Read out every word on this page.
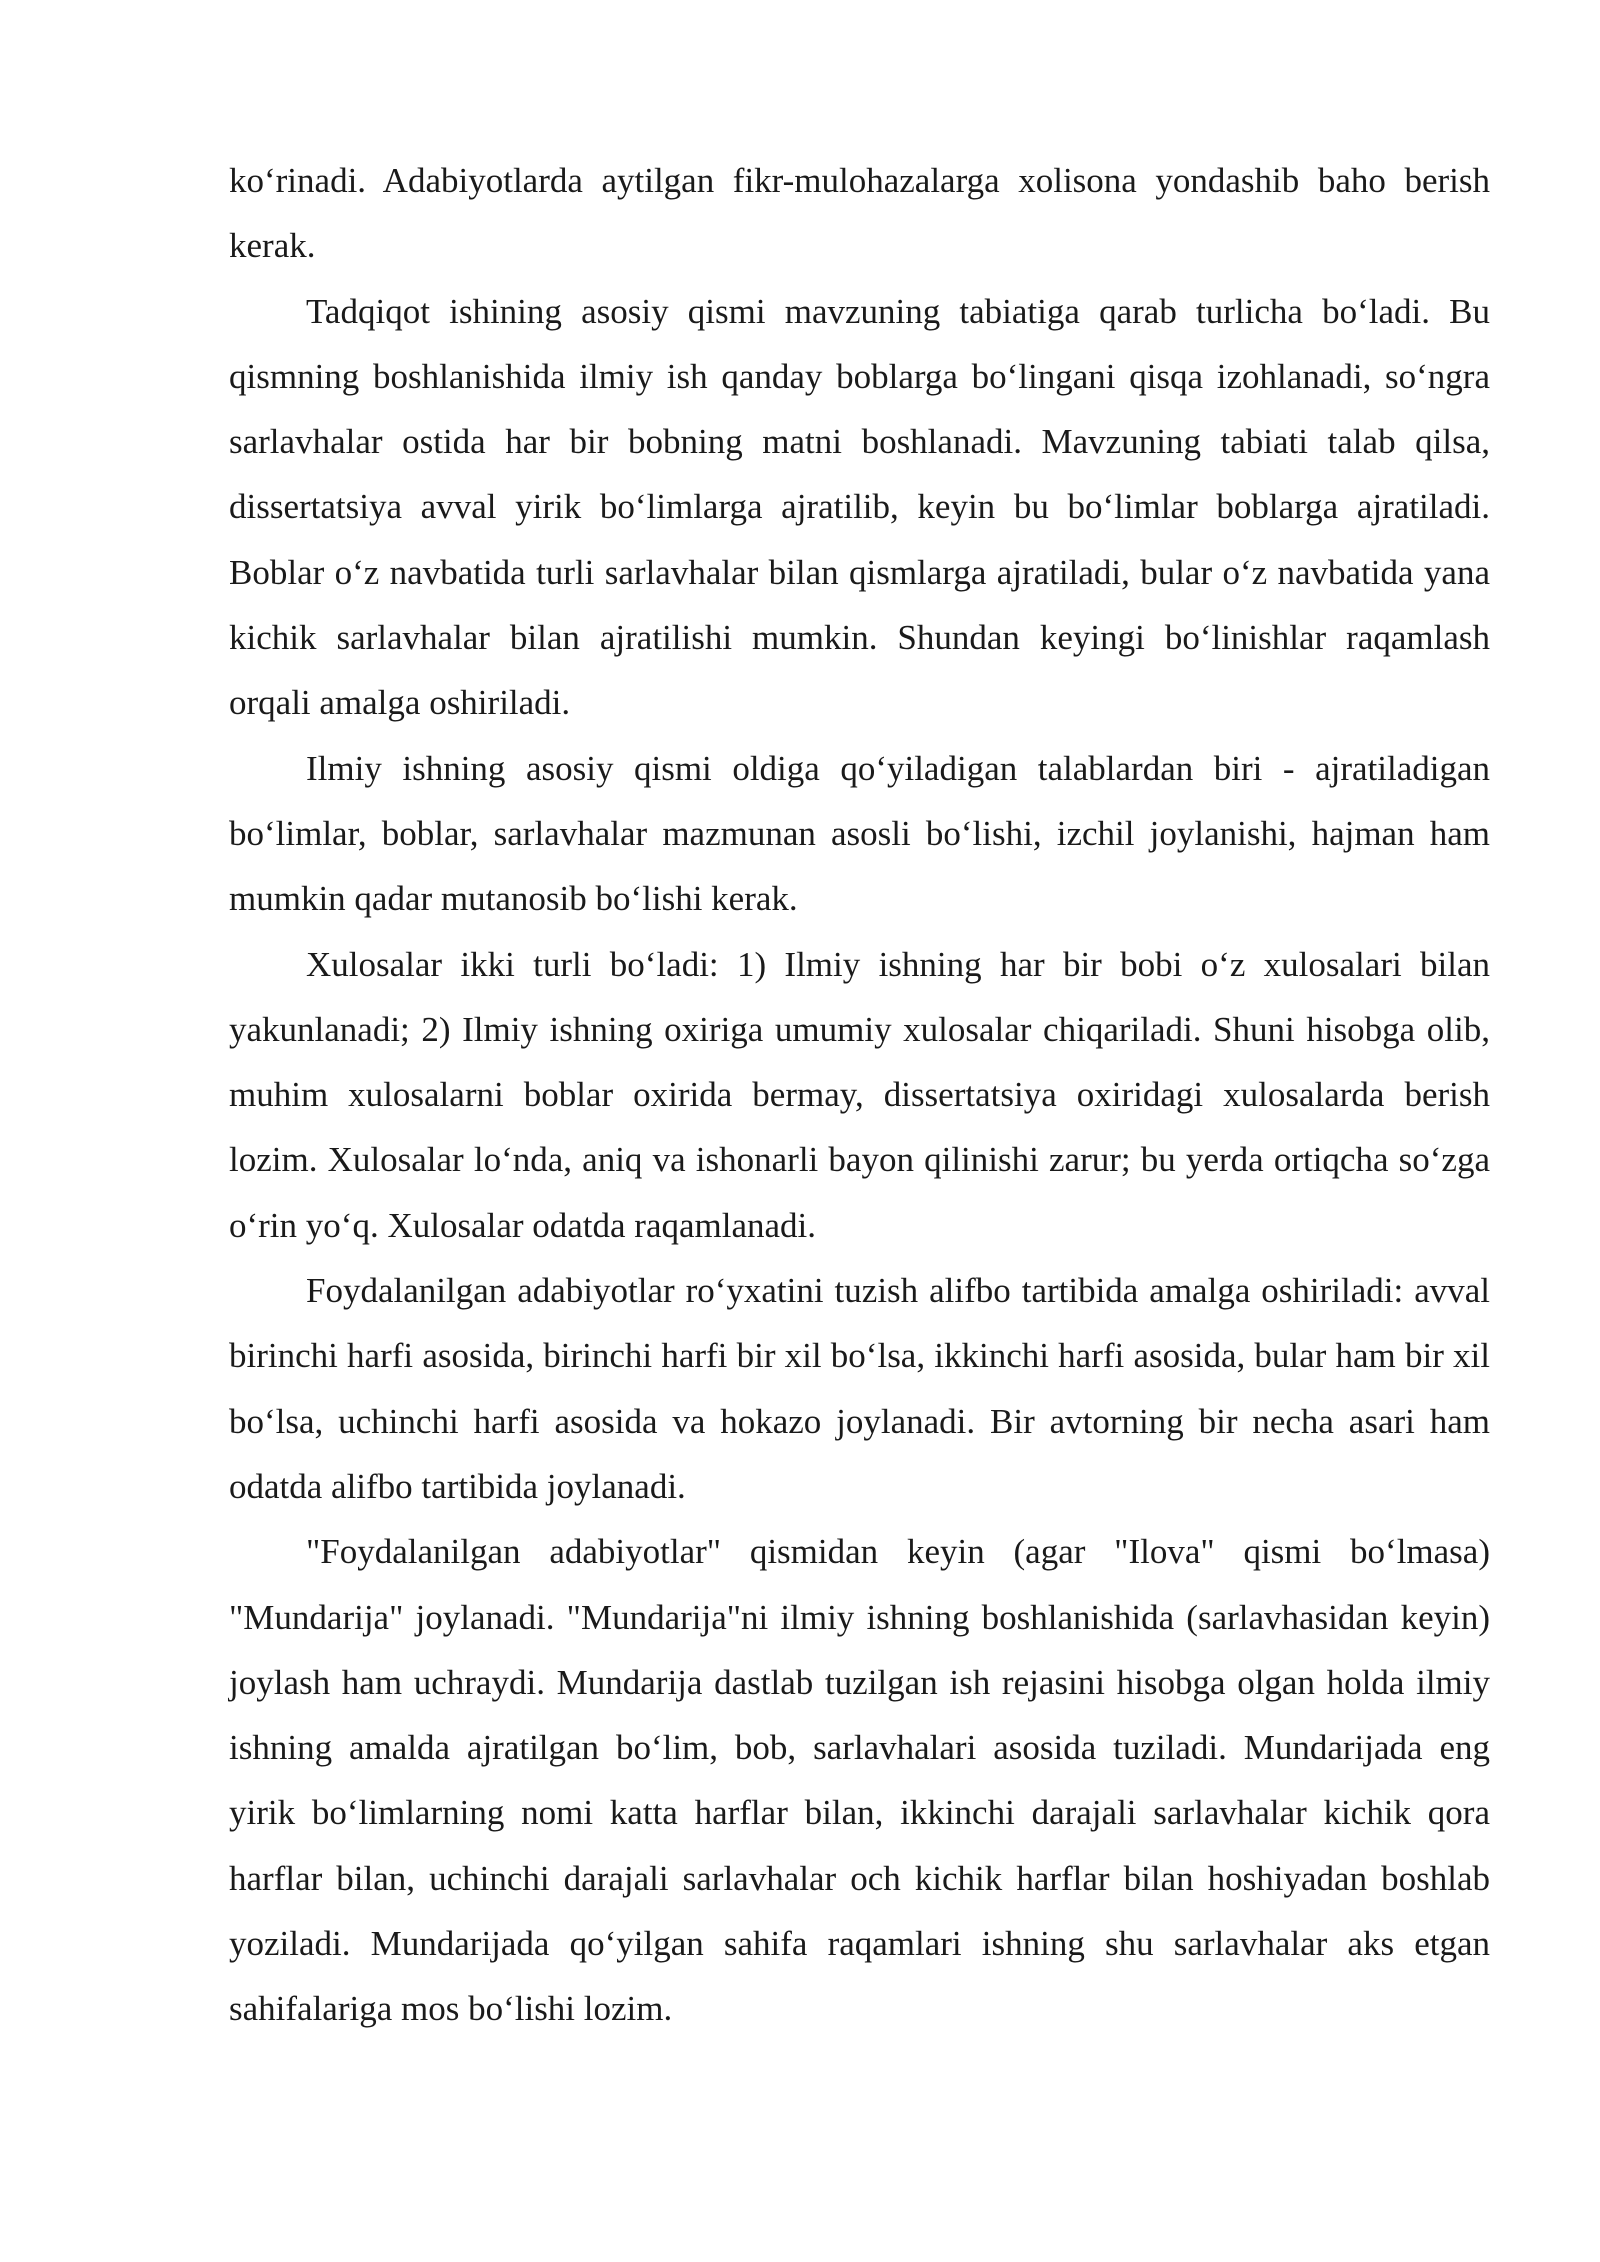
ko‘rinadi. Adabiyotlarda aytilgan fikr-mulohazalarga xolisona yondashib baho berish kerak.

Tadqiqot ishining asosiy qismi mavzuning tabiatiga qarab turlicha bo‘ladi. Bu qismning boshlanishida ilmiy ish qanday boblarga bo‘lingani qisqa izohlanadi, so‘ngra sarlavhalar ostida har bir bobning matni boshlanadi. Mavzuning tabiati talab qilsa, dissertatsiya avval yirik bo‘limlarga ajratilib, keyin bu bo‘limlar boblarga ajratiladi. Boblar o‘z navbatida turli sarlavhalar bilan qismlarga ajratiladi, bular o‘z navbatida yana kichik sarlavhalar bilan ajratilishi mumkin. Shundan keyingi bo‘linishlar raqamlash orqali amalga oshiriladi.

Ilmiy ishning asosiy qismi oldiga qo‘yiladigan talablardan biri - ajratiladigan bo‘limlar, boblar, sarlavhalar mazmunan asosli bo‘lishi, izchil joylanishi, hajman ham mumkin qadar mutanosib bo‘lishi kerak.

Xulosalar ikki turli bo‘ladi: 1) Ilmiy ishning har bir bobi o‘z xulosalari bilan yakunlanadi; 2) Ilmiy ishning oxiriga umumiy xulosalar chiqariladi. Shuni hisobga olib, muhim xulosalarni boblar oxirida bermay, dissertatsiya oxiridagi xulosalarda berish lozim. Xulosalar lo‘nda, aniq va ishonarli bayon qilinishi zarur; bu yerda ortiqcha so‘zga o‘rin yo‘q. Xulosalar odatda raqamlanadi.

Foydalanilgan adabiyotlar ro‘yxatini tuzish alifbo tartibida amalga oshiriladi: avval birinchi harfi asosida, birinchi harfi bir xil bo‘lsa, ikkinchi harfi asosida, bular ham bir xil bo‘lsa, uchinchi harfi asosida va hokazo joylanadi. Bir avtorning bir necha asari ham odatda alifbo tartibida joylanadi.

"Foydalanilgan adabiyotlar" qismidan keyin (agar "Ilova" qismi bo‘lmasa) "Mundarija" joylanadi. "Mundarija"ni ilmiy ishning boshlanishida (sarlavhasidan keyin) joylash ham uchraydi. Mundarija dastlab tuzilgan ish rejasini hisobga olgan holda ilmiy ishning amalda ajratilgan bo‘lim, bob, sarlavhalari asosida tuziladi. Mundarijada eng yirik bo‘limlarning nomi katta harflar bilan, ikkinchi darajali sarlavhalar kichik qora harflar bilan, uchinchi darajali sarlavhalar och kichik harflar bilan hoshiyadan boshlab yoziladi. Mundarijada qo‘yilgan sahifa raqamlari ishning shu sarlavhalar aks etgan sahifalariga mos bo‘lishi lozim.
